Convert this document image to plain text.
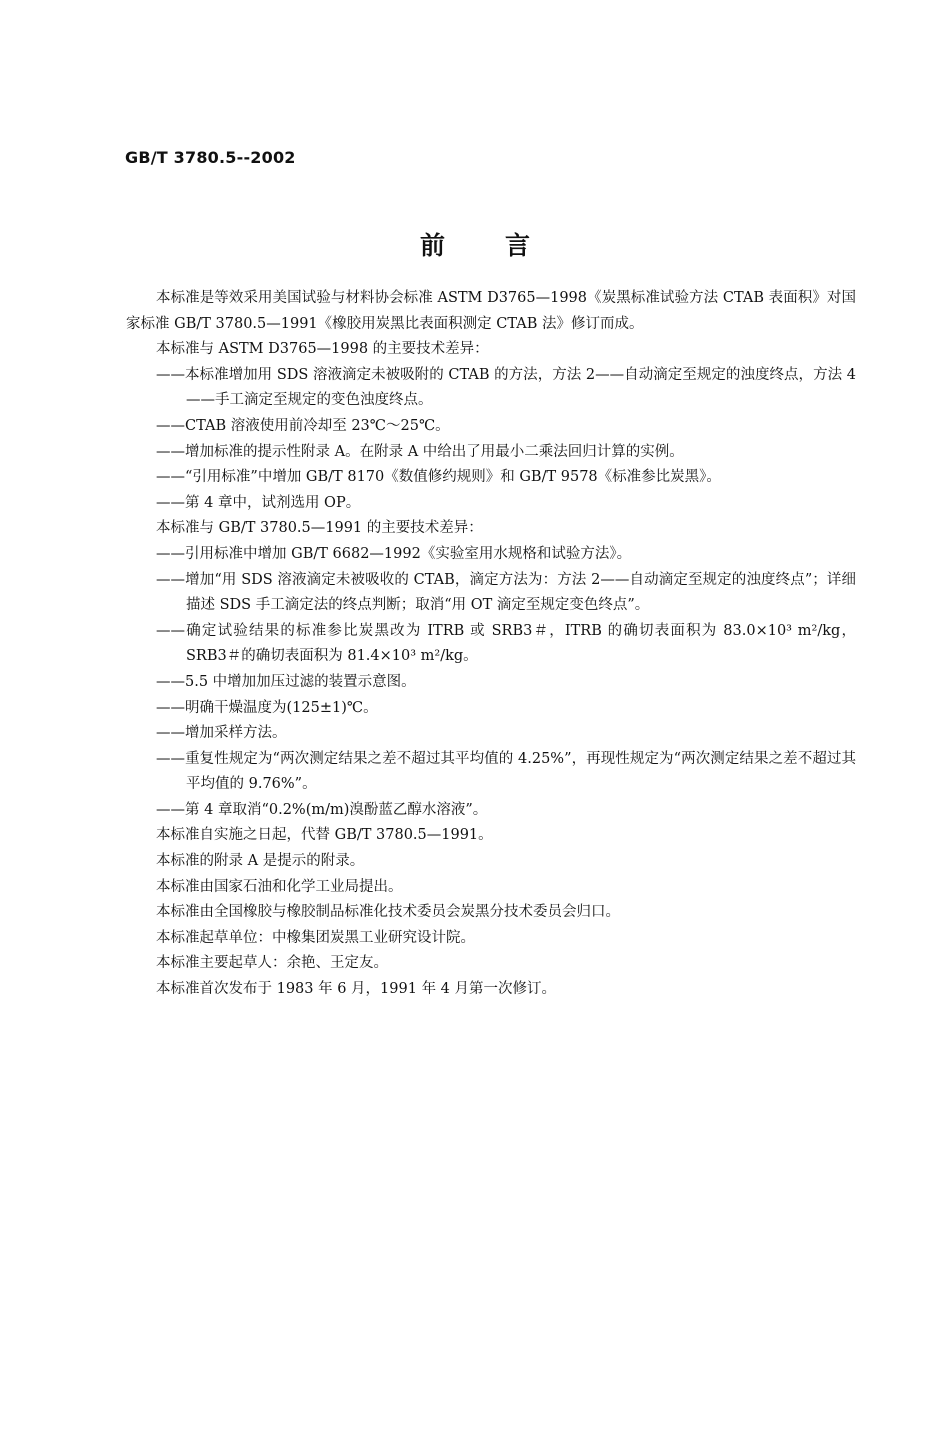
GB/T 3780.5--2002
前 言

本标准是等效采用美国试验与材料协会标准 ASTM D3765—1998《炭黑标准试验方法 CTAB 表面积》对国家标准 GB/T 3780.5—1991《橡胶用炭黑比表面积测定 CTAB 法》修订而成。

本标准与 ASTM D3765—1998 的主要技术差异：

——本标准增加用 SDS 溶液滴定未被吸附的 CTAB 的方法，方法 2——自动滴定至规定的浊度终点，方法 4——手工滴定至规定的变色浊度终点。

——CTAB 溶液使用前冷却至 23℃～25℃。

——增加标准的提示性附录 A。在附录 A 中给出了用最小二乘法回归计算的实例。

——“引用标准”中增加 GB/T 8170《数值修约规则》和 GB/T 9578《标准参比炭黑》。

——第 4 章中，试剂选用 OP。

本标准与 GB/T 3780.5—1991 的主要技术差异：

——引用标准中增加 GB/T 6682—1992《实验室用水规格和试验方法》。

——增加“用 SDS 溶液滴定未被吸收的 CTAB，滴定方法为：方法 2——自动滴定至规定的浊度终点”；详细描述 SDS 手工滴定法的终点判断；取消“用 OT 滴定至规定变色终点”。

——确定试验结果的标准参比炭黑改为 ITRB 或 SRB3＃，ITRB 的确切表面积为 83.0×10³ m²/kg，SRB3＃的确切表面积为 81.4×10³ m²/kg。

——5.5 中增加加压过滤的装置示意图。

——明确干燥温度为(125±1)℃。

——增加采样方法。

——重复性规定为“两次测定结果之差不超过其平均值的 4.25%”，再现性规定为“两次测定结果之差不超过其平均值的 9.76%”。

——第 4 章取消“0.2%(m/m)溴酚蓝乙醇水溶液”。

本标准自实施之日起，代替 GB/T 3780.5—1991。

本标准的附录 A 是提示的附录。

本标准由国家石油和化学工业局提出。

本标准由全国橡胶与橡胶制品标准化技术委员会炭黑分技术委员会归口。

本标准起草单位：中橡集团炭黑工业研究设计院。

本标准主要起草人：余艳、王定友。

本标准首次发布于 1983 年 6 月，1991 年 4 月第一次修订。
